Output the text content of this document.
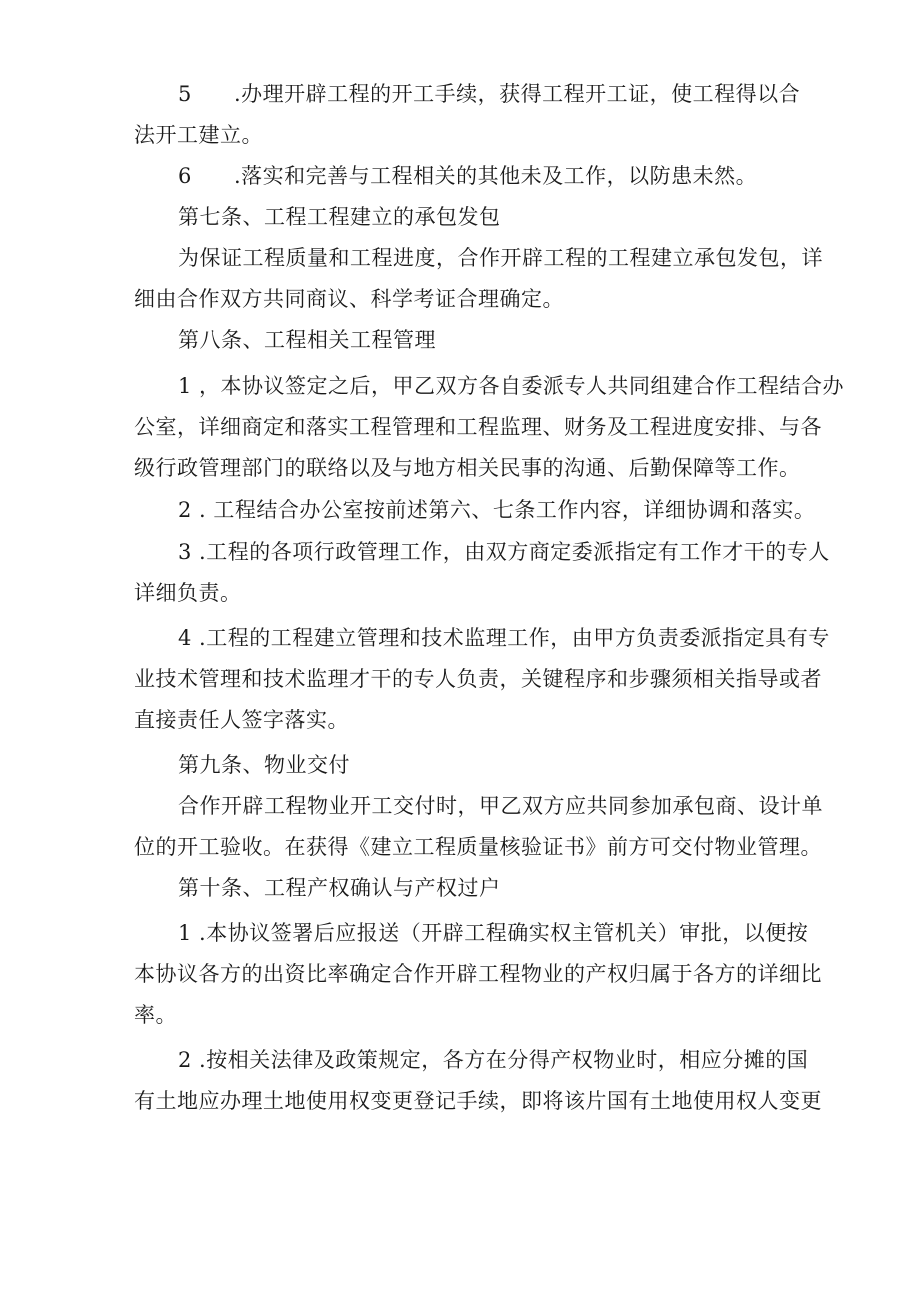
5 .办理开辟工程的开工手续，获得工程开工证，使工程得以合
法开工建立。

6 .落实和完善与工程相关的其他未及工作，以防患未然。

第七条、工程工程建立的承包发包

为保证工程质量和工程进度，合作开辟工程的工程建立承包发包，详
细由合作双方共同商议、科学考证合理确定。

第八条、工程相关工程管理

1 ，本协议签定之后，甲乙双方各自委派专人共同组建合作工程结合办
公室，详细商定和落实工程管理和工程监理、财务及工程进度安排、与各
级行政管理部门的联络以及与地方相关民事的沟通、后勤保障等工作。

2 . 工程结合办公室按前述第六、七条工作内容，详细协调和落实。

3 .工程的各项行政管理工作，由双方商定委派指定有工作才干的专人
详细负责。

4 .工程的工程建立管理和技术监理工作，由甲方负责委派指定具有专
业技术管理和技术监理才干的专人负责，关键程序和步骤须相关指导或者
直接责任人签字落实。

第九条、物业交付

合作开辟工程物业开工交付时，甲乙双方应共同参加承包商、设计单
位的开工验收。在获得《建立工程质量核验证书》前方可交付物业管理。

第十条、工程产权确认与产权过户

1 .本协议签署后应报送（开辟工程确实权主管机关）审批，以便按
本协议各方的出资比率确定合作开辟工程物业的产权归属于各方的详细比
率。

2 .按相关法律及政策规定，各方在分得产权物业时，相应分摊的国
有土地应办理土地使用权变更登记手续，即将该片国有土地使用权人变更
